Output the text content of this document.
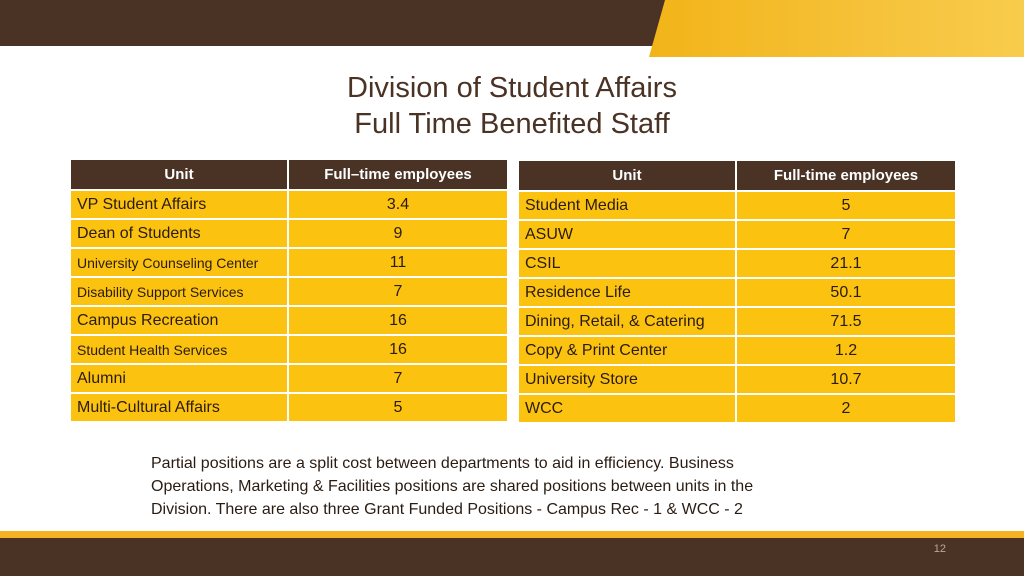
Division of Student Affairs
Full Time Benefited Staff
Unit	Full–time employees
VP Student Affairs	3.4
Dean of Students	9
University Counseling Center	11
Disability Support Services	7
Campus Recreation	16
Student Health Services	16
Alumni	7
Multi-Cultural Affairs	5
Unit	Full-time employees
Student Media	5
ASUW	7
CSIL	21.1
Residence Life	50.1
Dining, Retail, & Catering	71.5
Copy & Print Center	1.2
University Store	10.7
WCC	2
Partial positions are a split cost between departments to aid in efficiency. Business
Operations, Marketing & Facilities positions are shared positions between units in the
Division. There are also three Grant Funded Positions - Campus Rec - 1 & WCC - 2
12
